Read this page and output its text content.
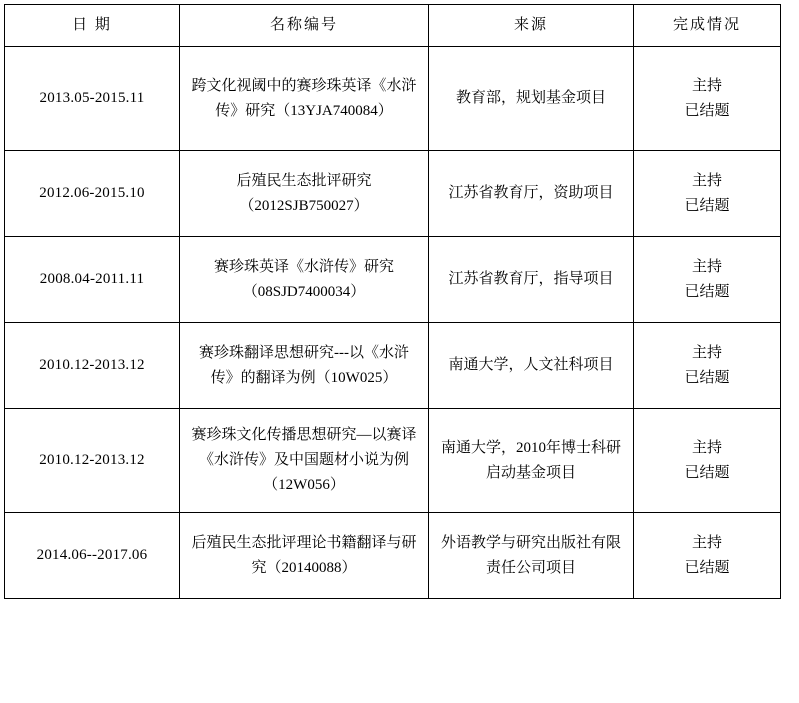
日 期	名称编号	来源	完成情况
2013.05-2015.11	跨文化视阈中的赛珍珠英译《水浒传》研究（13YJA740084）	教育部，规划基金项目	主持
已结题

2012.06-2015.10	后殖民生态批评研究（2012SJB750027）	江苏省教育厅，资助项目	主持
已结题

2008.04-2011.11	赛珍珠英译《水浒传》研究（08SJD7400034）	江苏省教育厅，指导项目	主持
已结题

2010.12-2013.12	赛珍珠翻译思想研究---以《水浒传》的翻译为例（10W025）	南通大学，人文社科项目	主持
已结题

2010.12-2013.12	赛珍珠文化传播思想研究—以赛译《水浒传》及中国题材小说为例（12W056）	南通大学，2010年博士科研启动基金项目	主持
已结题

2014.06--2017.06	后殖民生态批评理论书籍翻译与研究（20140088）	外语教学与研究出版社有限责任公司项目	主持
已结题
